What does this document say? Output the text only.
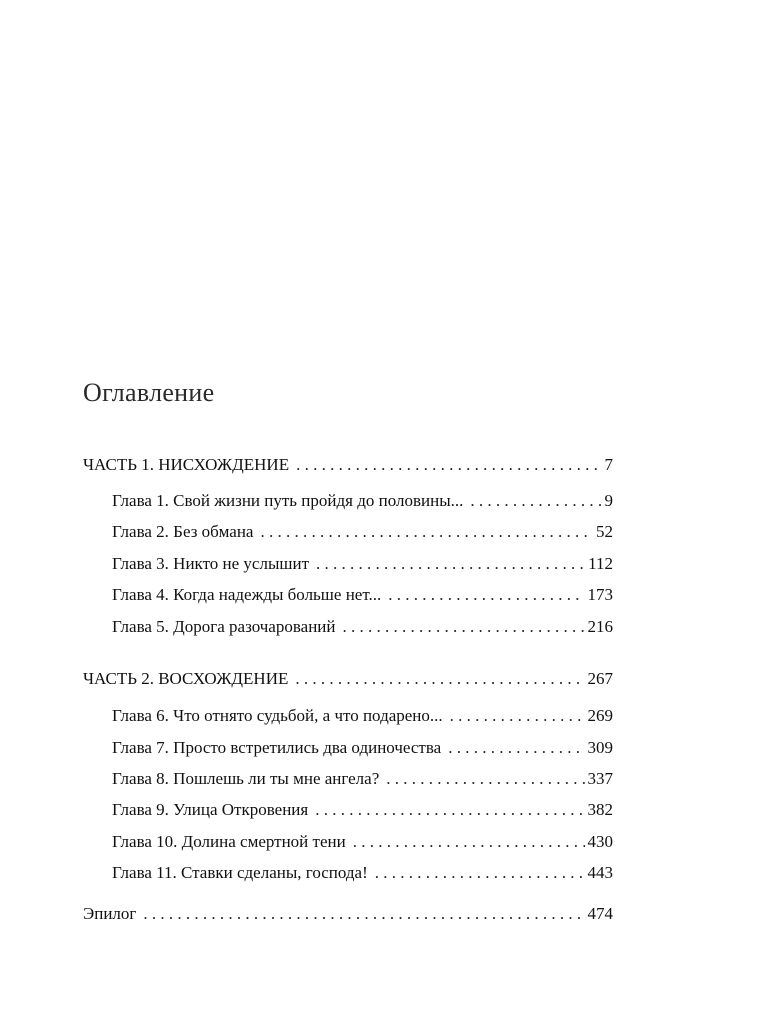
Оглавление
ЧАСТЬ 1. НИСХОЖДЕНИЕ . . .	7
Глава 1. Свой жизни путь пройдя до половины... . . .	9
Глава 2. Без обмана . . .	52
Глава 3. Никто не услышит . . .	112
Глава 4. Когда надежды больше нет... . . .	173
Глава 5. Дорога разочарований . . .	216
ЧАСТЬ 2. ВОСХОЖДЕНИЕ . . .	267
Глава 6. Что отнято судьбой, а что подарено... . . .	269
Глава 7. Просто встретились два одиночества . . .	309
Глава 8. Пошлешь ли ты мне ангела? . . .	337
Глава 9. Улица Откровения . . .	382
Глава 10. Долина смертной тени . . .	430
Глава 11. Ставки сделаны, господа! . . .	443
Эпилог . . .	474
